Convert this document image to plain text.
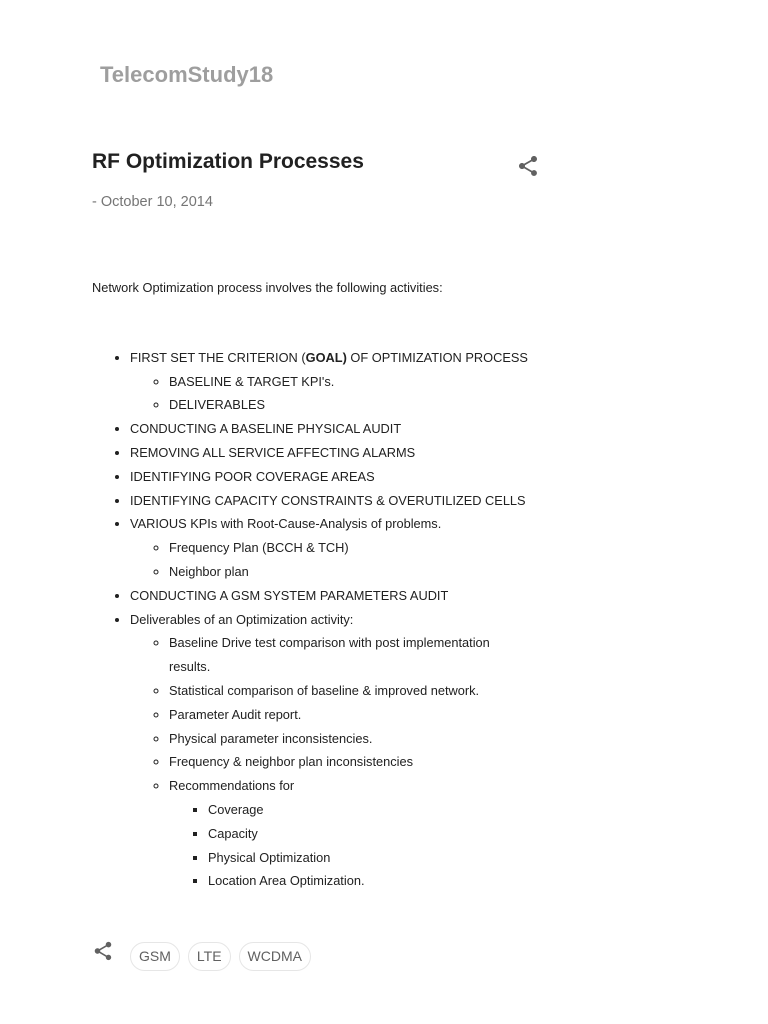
TelecomStudy18
RF Optimization Processes
- October 10, 2014

Network Optimization process involves the following activities:

• FIRST SET THE CRITERION (GOAL) OF OPTIMIZATION PROCESS
◦ BASELINE & TARGET KPI's.
◦ DELIVERABLES
• CONDUCTING A BASELINE PHYSICAL AUDIT
• REMOVING ALL SERVICE AFFECTING ALARMS
• IDENTIFYING POOR COVERAGE AREAS
• IDENTIFYING CAPACITY CONSTRAINTS & OVERUTILIZED CELLS
• VARIOUS KPIs with Root-Cause-Analysis of problems.
◦ Frequency Plan (BCCH & TCH)
◦ Neighbor plan
• CONDUCTING A GSM SYSTEM PARAMETERS AUDIT
• Deliverables of an Optimization activity:
◦ Baseline Drive test comparison with post implementation results.
◦ Statistical comparison of baseline & improved network.
◦ Parameter Audit report.
◦ Physical parameter inconsistencies.
◦ Frequency & neighbor plan inconsistencies
◦ Recommendations for
▪ Coverage
▪ Capacity
▪ Physical Optimization
▪ Location Area Optimization.
GSM	LTE	WCDMA
